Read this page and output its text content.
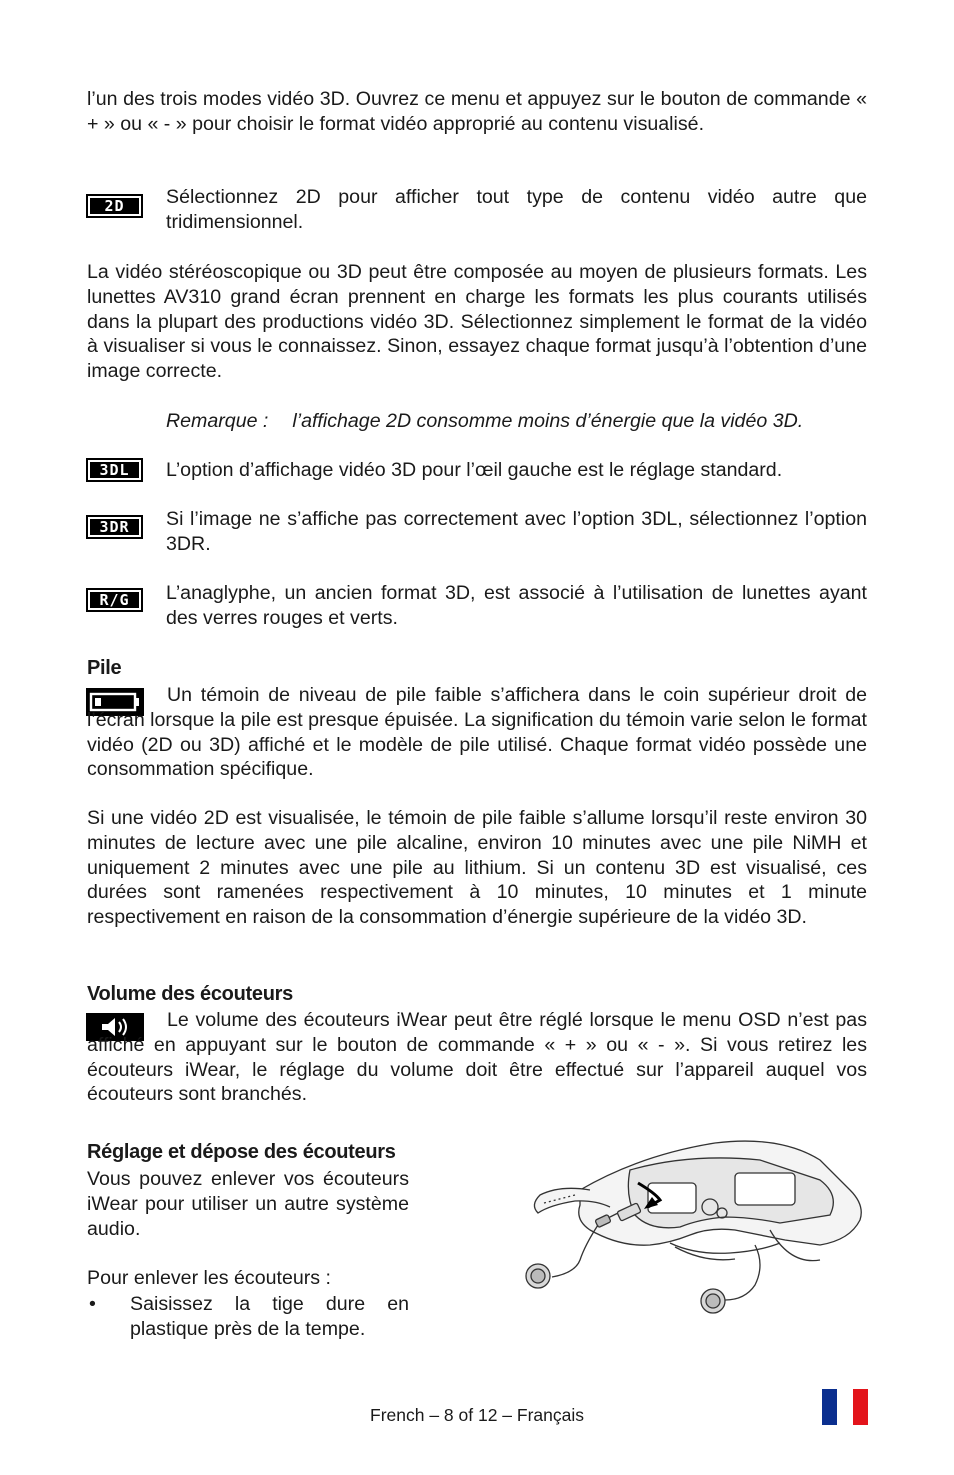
l’un des trois modes vidéo 3D. Ouvrez ce menu et appuyez sur le bouton de commande « + » ou « - » pour choisir le format vidéo approprié au contenu visualisé.

2D	Sélectionnez 2D pour afficher tout type de contenu vidéo autre que tridimensionnel.

La vidéo stéréoscopique ou 3D peut être composée au moyen de plusieurs formats. Les lunettes AV310 grand écran prennent en charge les formats les plus courants utilisés dans la plupart des productions vidéo 3D. Sélectionnez simplement le format de la vidéo à visualiser si vous le connaissez. Sinon, essayez chaque format jusqu’à l’obtention d’une image correcte.

Remarque : l’affichage 2D consomme moins d’énergie que la vidéo 3D.

3DL	L’option d’affichage vidéo 3D pour l’œil gauche est le réglage standard.

3DR	Si l’image ne s’affiche pas correctement avec l’option 3DL, sélectionnez l’option 3DR.

R/G	L’anaglyphe, un ancien format 3D, est associé à l’utilisation de lunettes ayant des verres rouges et verts.

Pile

Un témoin de niveau de pile faible s’affichera dans le coin supérieur droit de l’écran lorsque la pile est presque épuisée. La signification du témoin varie selon le format vidéo (2D ou 3D) affiché et le modèle de pile utilisé. Chaque format vidéo possède une consommation spécifique.

Si une vidéo 2D est visualisée, le témoin de pile faible s’allume lorsqu’il reste environ 30 minutes de lecture avec une pile alcaline, environ 10 minutes avec une pile NiMH et uniquement 2 minutes avec une pile au lithium. Si un contenu 3D est visualisé, ces durées sont ramenées respectivement à 10 minutes, 10 minutes et 1 minute respectivement en raison de la consommation d’énergie supérieure de la vidéo 3D.

Volume des écouteurs

Le volume des écouteurs iWear peut être réglé lorsque le menu OSD n’est pas affiché en appuyant sur le bouton de commande « + » ou « - ». Si vous retirez les écouteurs iWear, le réglage du volume doit être effectué sur l’appareil auquel vos écouteurs sont branchés.

Réglage et dépose des écouteurs

Vous pouvez enlever vos écouteurs iWear pour utiliser un autre système audio.

Pour enlever les écouteurs :

• Saisissez la tige dure en plastique près de la tempe.
French – 8 of 12 – Français
